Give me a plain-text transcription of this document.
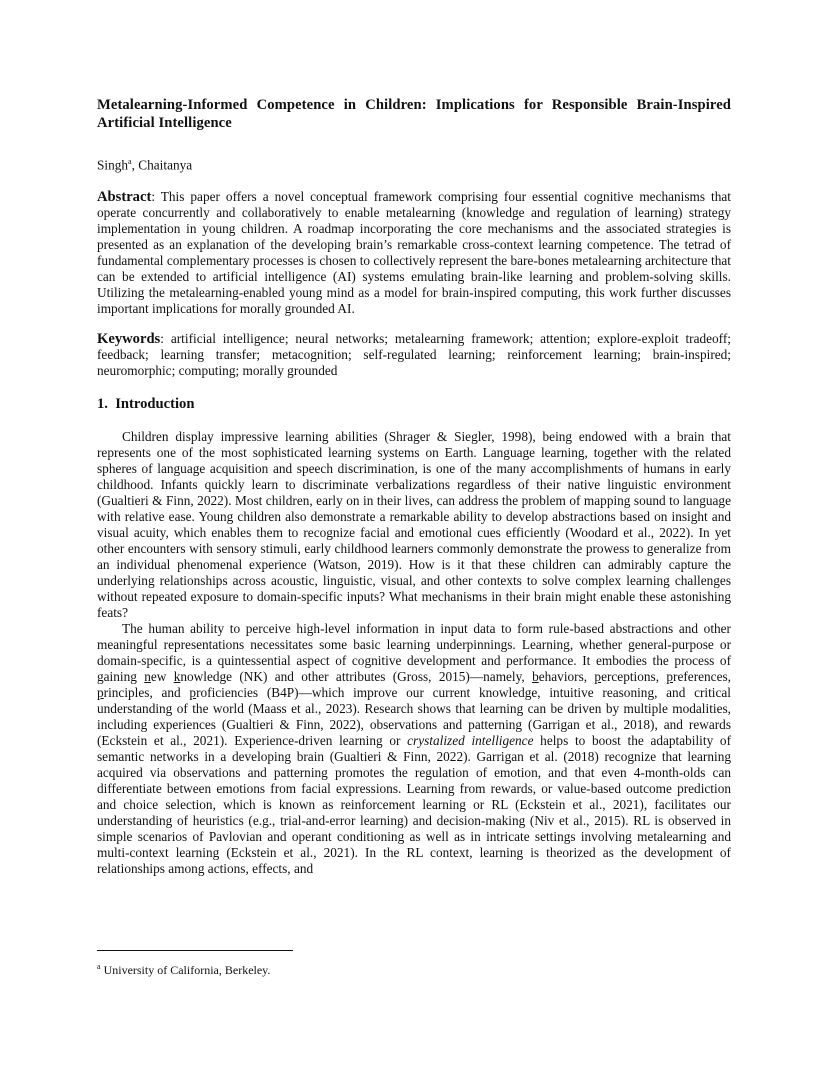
Metalearning-Informed Competence in Children: Implications for Responsible Brain-Inspired Artificial Intelligence

Singh$^a$, Chaitanya
Abstract: This paper offers a novel conceptual framework comprising four essential cognitive mechanisms that operate concurrently and collaboratively to enable metalearning (knowledge and regulation of learning) strategy implementation in young children. A roadmap incorporating the core mechanisms and the associated strategies is presented as an explanation of the developing brain’s remarkable cross-context learning competence. The tetrad of fundamental complementary processes is chosen to collectively represent the bare-bones metalearning architecture that can be extended to artificial intelligence (AI) systems emulating brain-like learning and problem-solving skills. Utilizing the metalearning-enabled young mind as a model for brain-inspired computing, this work further discusses important implications for morally grounded AI.
Keywords: artificial intelligence; neural networks; metalearning framework; attention; explore-exploit tradeoff; feedback; learning transfer; metacognition; self-regulated learning; reinforcement learning; brain-inspired; neuromorphic; computing; morally grounded
1. Introduction

Children display impressive learning abilities (Shrager & Siegler, 1998), being endowed with a brain that represents one of the most sophisticated learning systems on Earth. Language learning, together with the related spheres of language acquisition and speech discrimination, is one of the many accomplishments of humans in early childhood. Infants quickly learn to discriminate verbalizations regardless of their native linguistic environment (Gualtieri & Finn, 2022). Most children, early on in their lives, can address the problem of mapping sound to language with relative ease. Young children also demonstrate a remarkable ability to develop abstractions based on insight and visual acuity, which enables them to recognize facial and emotional cues efficiently (Woodard et al., 2022). In yet other encounters with sensory stimuli, early childhood learners commonly demonstrate the prowess to generalize from an individual phenomenal experience (Watson, 2019). How is it that these children can admirably capture the underlying relationships across acoustic, linguistic, visual, and other contexts to solve complex learning challenges without repeated exposure to domain-specific inputs? What mechanisms in their brain might enable these astonishing feats?

The human ability to perceive high-level information in input data to form rule-based abstractions and other meaningful representations necessitates some basic learning underpinnings. Learning, whether general-purpose or domain-specific, is a quintessential aspect of cognitive development and performance. It embodies the process of gaining new knowledge (NK) and other attributes (Gross, 2015)—namely, behaviors, perceptions, preferences, principles, and proficiencies (B4P)—which improve our current knowledge, intuitive reasoning, and critical understanding of the world (Maass et al., 2023). Research shows that learning can be driven by multiple modalities, including experiences (Gualtieri & Finn, 2022), observations and patterning (Garrigan et al., 2018), and rewards (Eckstein et al., 2021). Experience-driven learning or crystalized intelligence helps to boost the adaptability of semantic networks in a developing brain (Gualtieri & Finn, 2022). Garrigan et al. (2018) recognize that learning acquired via observations and patterning promotes the regulation of emotion, and that even 4-month-olds can differentiate between emotions from facial expressions. Learning from rewards, or value-based outcome prediction and choice selection, which is known as reinforcement learning or RL (Eckstein et al., 2021), facilitates our understanding of heuristics (e.g., trial-and-error learning) and decision-making (Niv et al., 2015). RL is observed in simple scenarios of Pavlovian and operant conditioning as well as in intricate settings involving metalearning and multi-context learning (Eckstein et al., 2021). In the RL context, learning is theorized as the development of relationships among actions, effects, and

$^a$ University of California, Berkeley.
